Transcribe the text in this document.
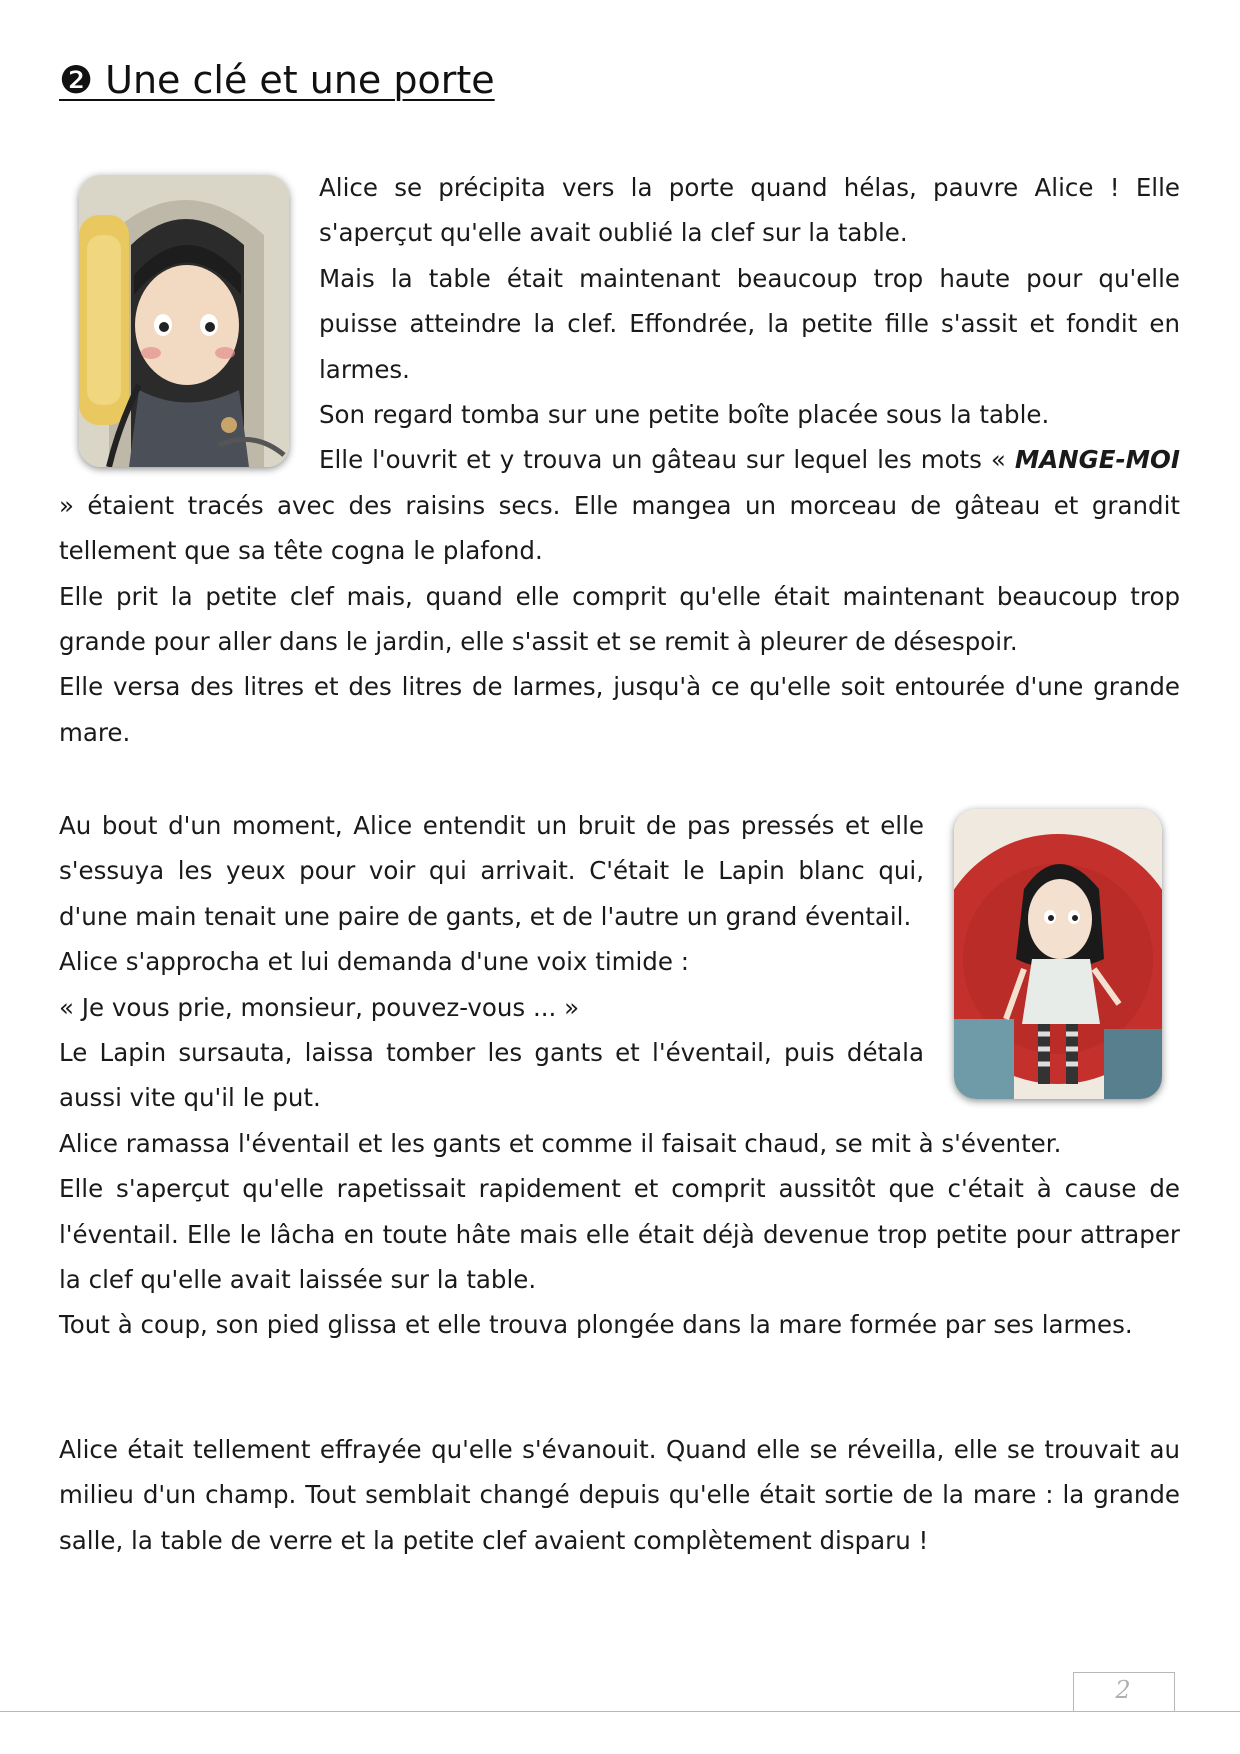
❷ Une clé et une porte

Alice se précipita vers la porte quand hélas, pauvre Alice ! Elle s'aperçut qu'elle avait oublié la clef sur la table.

Mais la table était maintenant beaucoup trop haute pour qu'elle puisse atteindre la clef. Effondrée, la petite fille s'assit et fondit en larmes.

Son regard tomba sur une petite boîte placée sous la table.

Elle l'ouvrit et y trouva un gâteau sur lequel les mots « MANGE-MOI » étaient tracés avec des raisins secs. Elle mangea un morceau de gâteau et grandit tellement que sa tête cogna le plafond.

Elle prit la petite clef mais, quand elle comprit qu'elle était maintenant beaucoup trop grande pour aller dans le jardin, elle s'assit et se remit à pleurer de désespoir.

Elle versa des litres et des litres de larmes, jusqu'à ce qu'elle soit entourée d'une grande mare.

Au bout d'un moment, Alice entendit un bruit de pas pressés et elle s'essuya les yeux pour voir qui arrivait. C'était le Lapin blanc qui, d'une main tenait une paire de gants, et de l'autre un grand éventail.

Alice s'approcha et lui demanda d'une voix timide :

« Je vous prie, monsieur, pouvez-vous ... »

Le Lapin sursauta, laissa tomber les gants et l'éventail, puis détala aussi vite qu'il le put.

Alice ramassa l'éventail et les gants et comme il faisait chaud, se mit à s'éventer.

Elle s'aperçut qu'elle rapetissait rapidement et comprit aussitôt que c'était à cause de l'éventail. Elle le lâcha en toute hâte mais elle était déjà devenue trop petite pour attraper la clef qu'elle avait laissée sur la table.

Tout à coup, son pied glissa et elle trouva plongée dans la mare formée par ses larmes.

Alice était tellement effrayée qu'elle s'évanouit. Quand elle se réveilla, elle se trouvait au milieu d'un champ. Tout semblait changé depuis qu'elle était sortie de la mare : la grande salle, la table de verre et la petite clef avaient complètement disparu !

2
